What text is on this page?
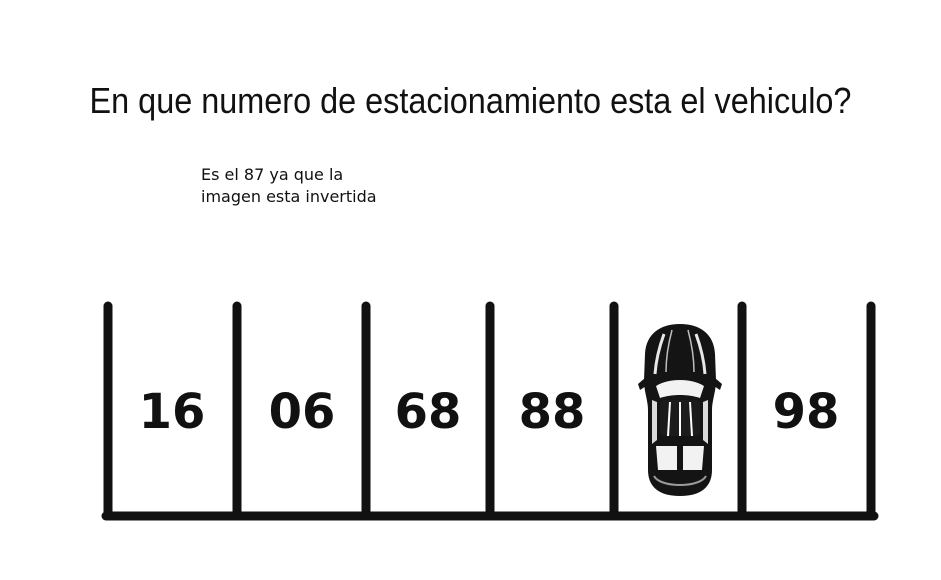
En que numero de estacionamiento esta el vehiculo?
Es el 87 ya que la
imagen esta invertida
16 06 68 88	98
